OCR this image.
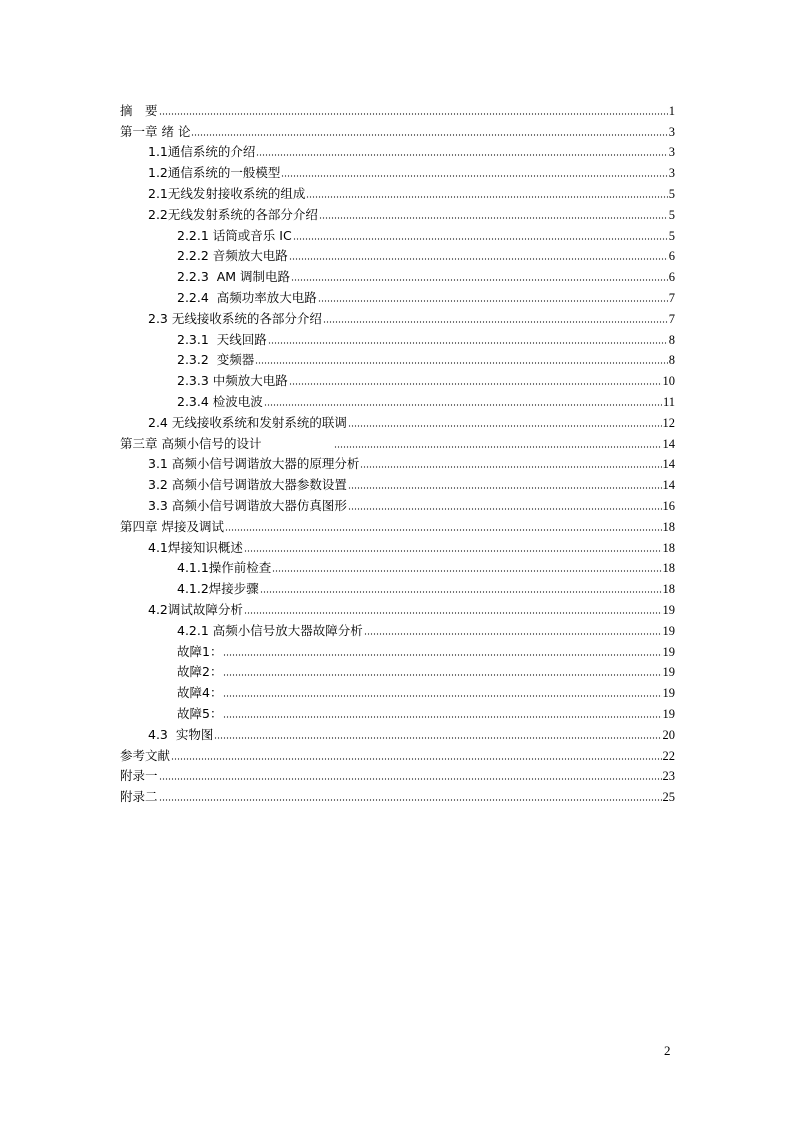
摘　要	1
第一章 绪 论	3
1.1通信系统的介绍	3
1.2通信系统的一般模型	3
2.1无线发射接收系统的组成	5
2.2无线发射系统的各部分介绍	5
2.2.1 话筒或音乐 IC	5
2.2.2 音频放大电路	6
2.2.3  AM 调制电路	6
2.2.4  高频功率放大电路	7
2.3 无线接收系统的各部分介绍	7
2.3.1  天线回路	8
2.3.2  变频器	8
2.3.3 中频放大电路	10
2.3.4 检波电波	11
2.4 无线接收系统和发射系统的联调	12
第三章 高频小信号的设计	14
3.1 高频小信号调谐放大器的原理分析	14
3.2 高频小信号调谐放大器参数设置	14
3.3 高频小信号调谐放大器仿真图形	16
第四章 焊接及调试	18
4.1焊接知识概述	18
4.1.1操作前检查	18
4.1.2焊接步骤	18
4.2调试故障分析	19
4.2.1 高频小信号放大器故障分析	19
故障1：	19
故障2：	19
故障4：	19
故障5：	19
4.3  实物图	20
参考文献	22
附录一	23
附录二	25
2
